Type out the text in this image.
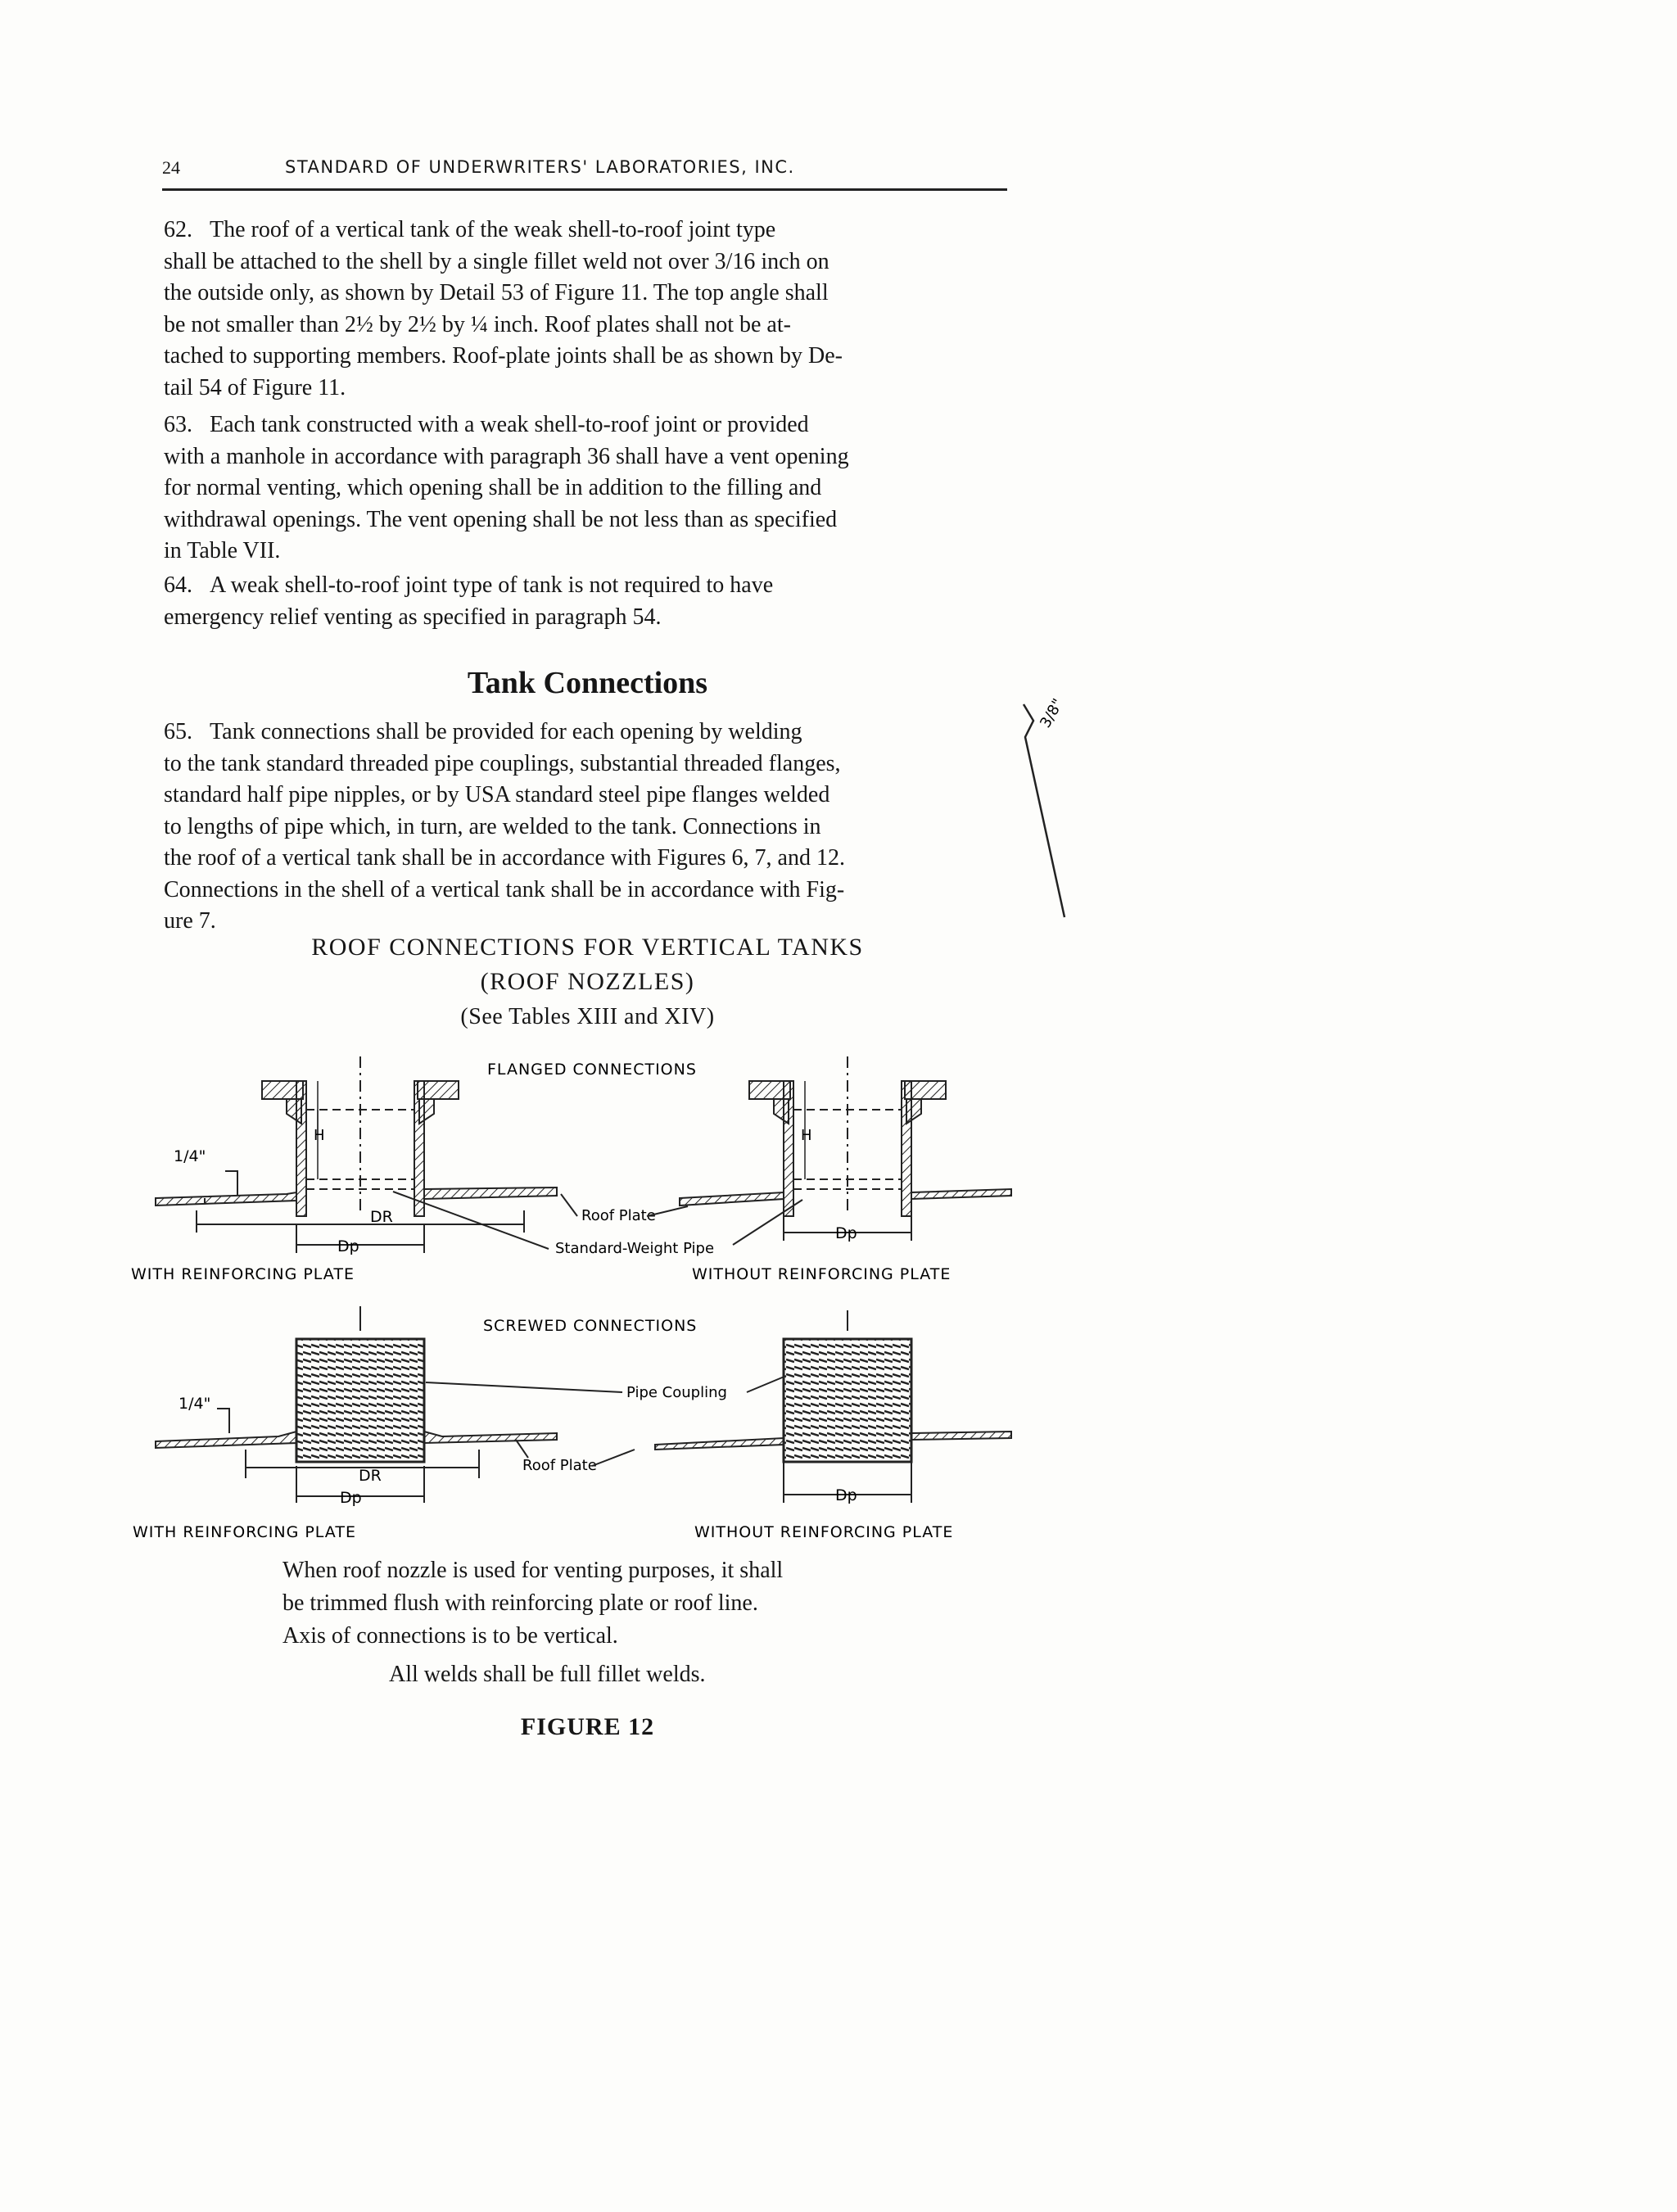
24	STANDARD OF UNDERWRITERS' LABORATORIES, INC.
62. The roof of a vertical tank of the weak shell-to-roof joint type
shall be attached to the shell by a single fillet weld not over 3/16 inch on
the outside only, as shown by Detail 53 of Figure 11. The top angle shall
be not smaller than 2½ by 2½ by ¼ inch. Roof plates shall not be at-
tached to supporting members. Roof-plate joints shall be as shown by De-
tail 54 of Figure 11.
63. Each tank constructed with a weak shell-to-roof joint or provided
with a manhole in accordance with paragraph 36 shall have a vent opening
for normal venting, which opening shall be in addition to the filling and
withdrawal openings. The vent opening shall be not less than as specified
in Table VII.
64. A weak shell-to-roof joint type of tank is not required to have
emergency relief venting as specified in paragraph 54.
Tank Connections
65. Tank connections shall be provided for each opening by welding
to the tank standard threaded pipe couplings, substantial threaded flanges,
standard half pipe nipples, or by USA standard steel pipe flanges welded
to lengths of pipe which, in turn, are welded to the tank. Connections in
the roof of a vertical tank shall be in accordance with Figures 6, 7, and 12.
Connections in the shell of a vertical tank shall be in accordance with Fig-
ure 7.
3/8"
ROOF CONNECTIONS FOR VERTICAL TANKS
(ROOF NOZZLES)
(See Tables XIII and XIV)
FLANGED CONNECTIONS
SCREWED CONNECTIONS
1/4"
H
DR
Dp
Roof Plate
Standard-Weight Pipe
H
Dp
WITH REINFORCING PLATE	WITHOUT REINFORCING PLATE
1/4"
DR
Dp
Pipe Coupling
Roof Plate
Dp
WITH REINFORCING PLATE	WITHOUT REINFORCING PLATE
When roof nozzle is used for venting purposes, it shall
be trimmed flush with reinforcing plate or roof line.
Axis of connections is to be vertical.
All welds shall be full fillet welds.
FIGURE 12
